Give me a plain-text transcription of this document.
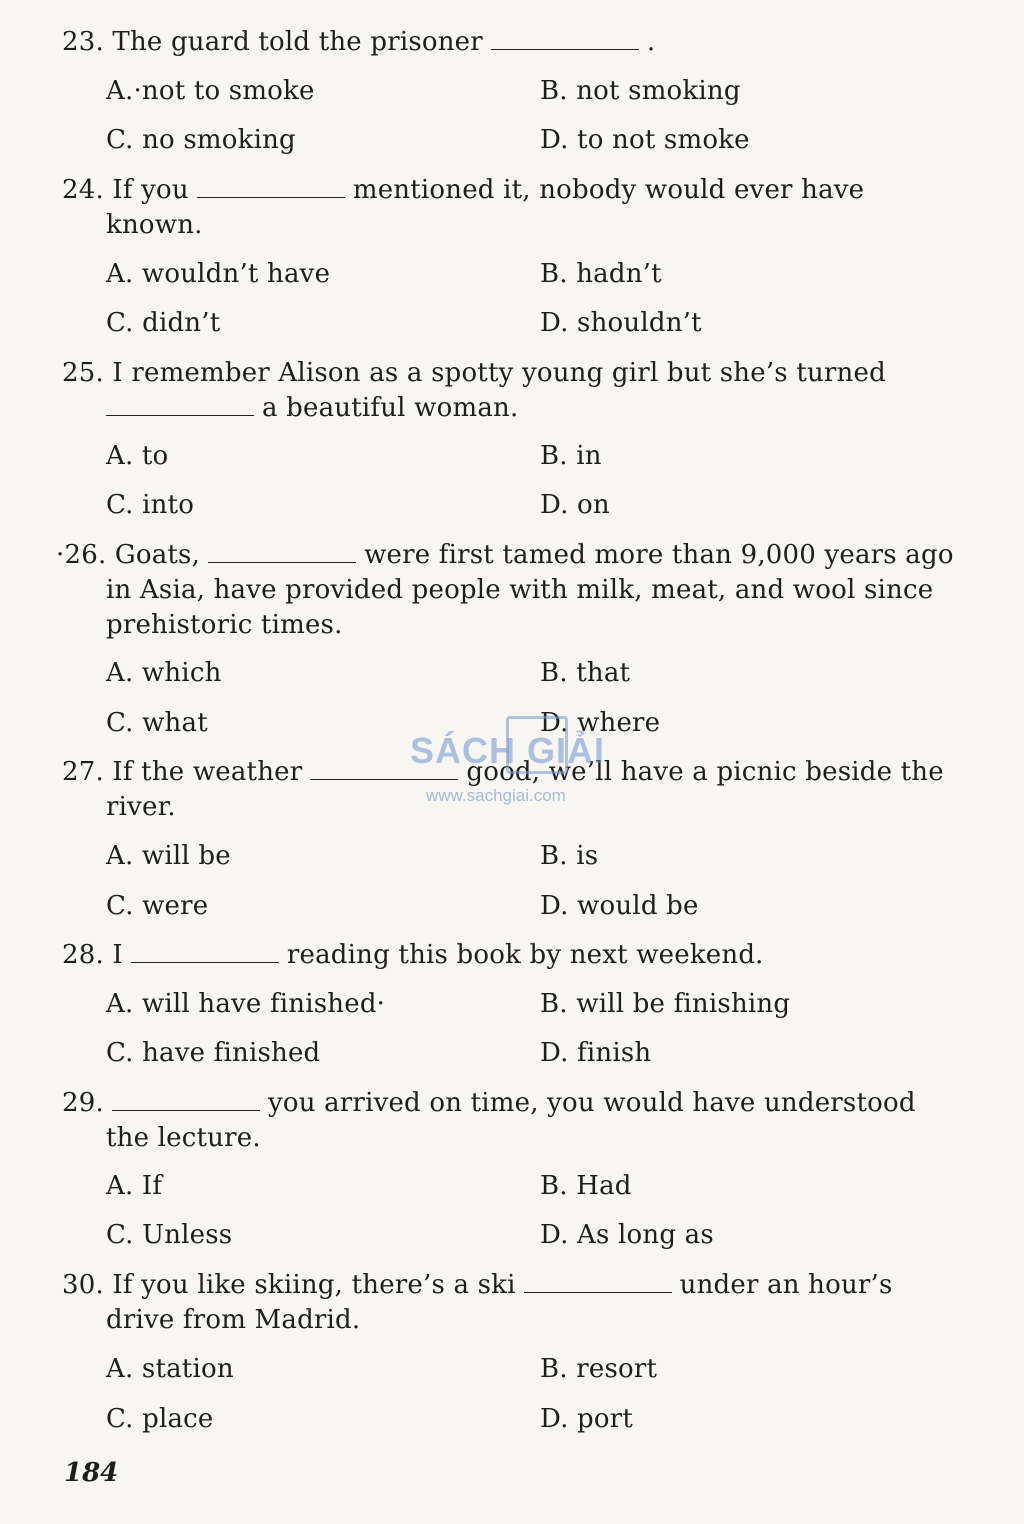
23. The guard told the prisoner	.
A.·not to smoke	B. not smoking
C. no smoking	D. to not smoke
24. If you	mentioned it, nobody would ever have
known.
A. wouldn’t have	B. hadn’t
C. didn’t	D. shouldn’t
25. I remember Alison as a spotty young girl but she’s turned
a beautiful woman.
A. to	B. in
C. into	D. on
·26. Goats,	were first tamed more than 9,000 years ago
in Asia, have provided people with milk, meat, and wool since
prehistoric times.
A. which	B. that
C. what	D. where
27. If the weather	good, we’ll have a picnic beside the
river.
A. will be	B. is
C. were	D. would be
28. I	reading this book by next weekend.
A. will have finished·	B. will be finishing
C. have finished	D. finish
29.	you arrived on time, you would have understood
the lecture.
A. If	B. Had
C. Unless	D. As long as
30. If you like skiing, there’s a ski	under an hour’s
drive from Madrid.
A. station	B. resort
C. place	D. port
SÁCH GIẢI
www.sachgiai.com
184
